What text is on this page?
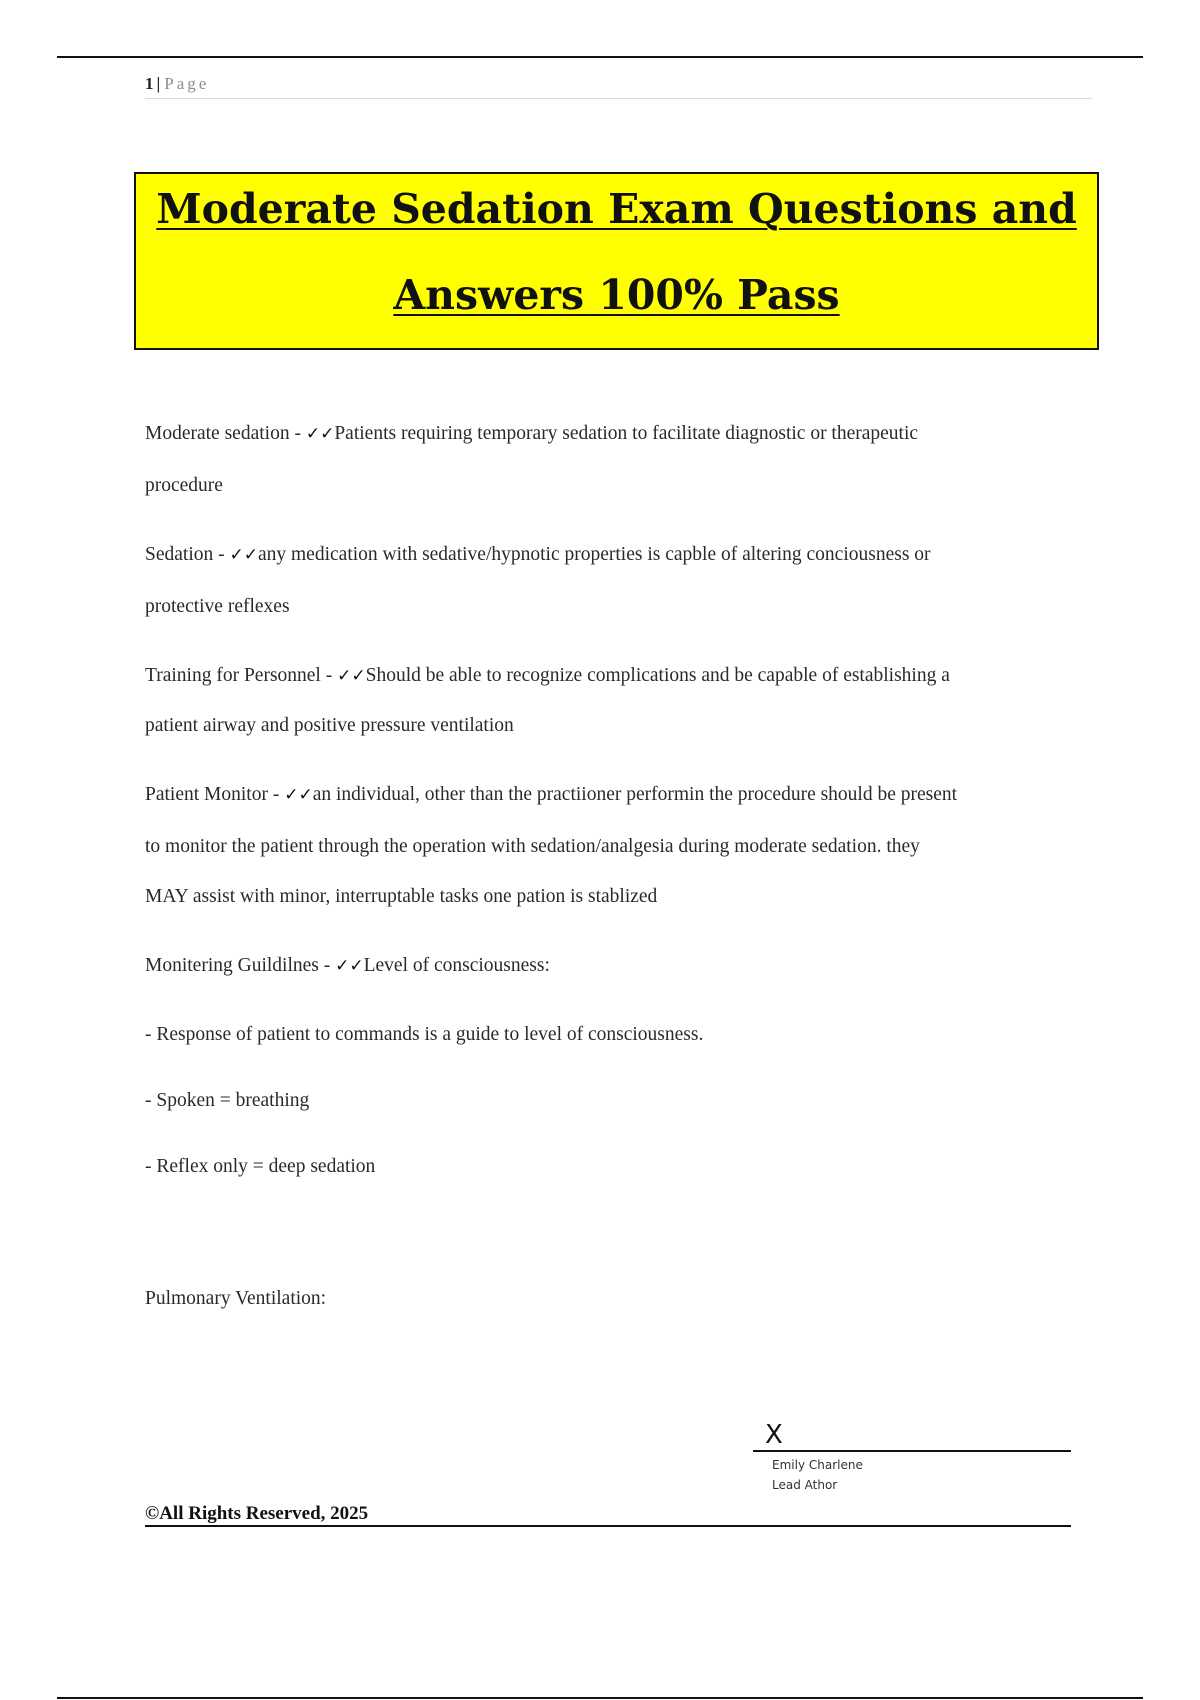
1 | Page
Moderate Sedation Exam Questions and
Answers 100% Pass
Moderate sedation - ✓✓Patients requiring temporary sedation to facilitate diagnostic or therapeutic
procedure
Sedation - ✓✓any medication with sedative/hypnotic properties is capble of altering conciousness or
protective reflexes
Training for Personnel - ✓✓Should be able to recognize complications and be capable of establishing a
patient airway and positive pressure ventilation
Patient Monitor - ✓✓an individual, other than the practiioner performin the procedure should be present
to monitor the patient through the operation with sedation/analgesia during moderate sedation. they
MAY assist with minor, interruptable tasks one pation is stablized
Monitering Guildilnes - ✓✓Level of consciousness:
- Response of patient to commands is a guide to level of consciousness.
- Spoken = breathing
- Reflex only = deep sedation
Pulmonary Ventilation:
X
Emily Charlene
Lead Athor
©All Rights Reserved, 2025
